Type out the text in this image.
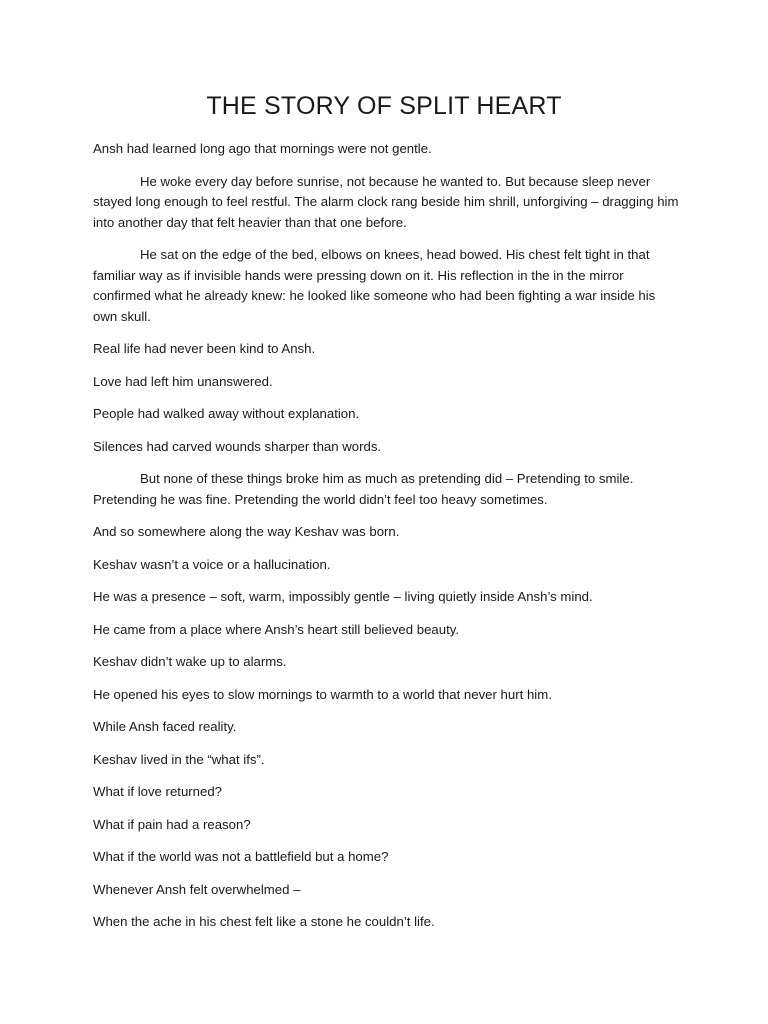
THE STORY OF SPLIT HEART

Ansh had learned long ago that mornings were not gentle.

He woke every day before sunrise, not because he wanted to. But because sleep never stayed long enough to feel restful. The alarm clock rang beside him shrill, unforgiving – dragging him into another day that felt heavier than that one before.

He sat on the edge of the bed, elbows on knees, head bowed. His chest felt tight in that familiar way as if invisible hands were pressing down on it. His reflection in the in the mirror confirmed what he already knew: he looked like someone who had been fighting a war inside his own skull.

Real life had never been kind to Ansh.

Love had left him unanswered.

People had walked away without explanation.

Silences had carved wounds sharper than words.

But none of these things broke him as much as pretending did – Pretending to smile. Pretending he was fine. Pretending the world didn’t feel too heavy sometimes.

And so somewhere along the way Keshav was born.

Keshav wasn’t a voice or a hallucination.

He was a presence – soft, warm, impossibly gentle – living quietly inside Ansh’s mind.

He came from a place where Ansh’s heart still believed beauty.

Keshav didn’t wake up to alarms.

He opened his eyes to slow mornings to warmth to a world that never hurt him.

While Ansh faced reality.

Keshav lived in the “what ifs”.

What if love returned?

What if pain had a reason?

What if the world was not a battlefield but a home?

Whenever Ansh felt overwhelmed –

When the ache in his chest felt like a stone he couldn’t life.
